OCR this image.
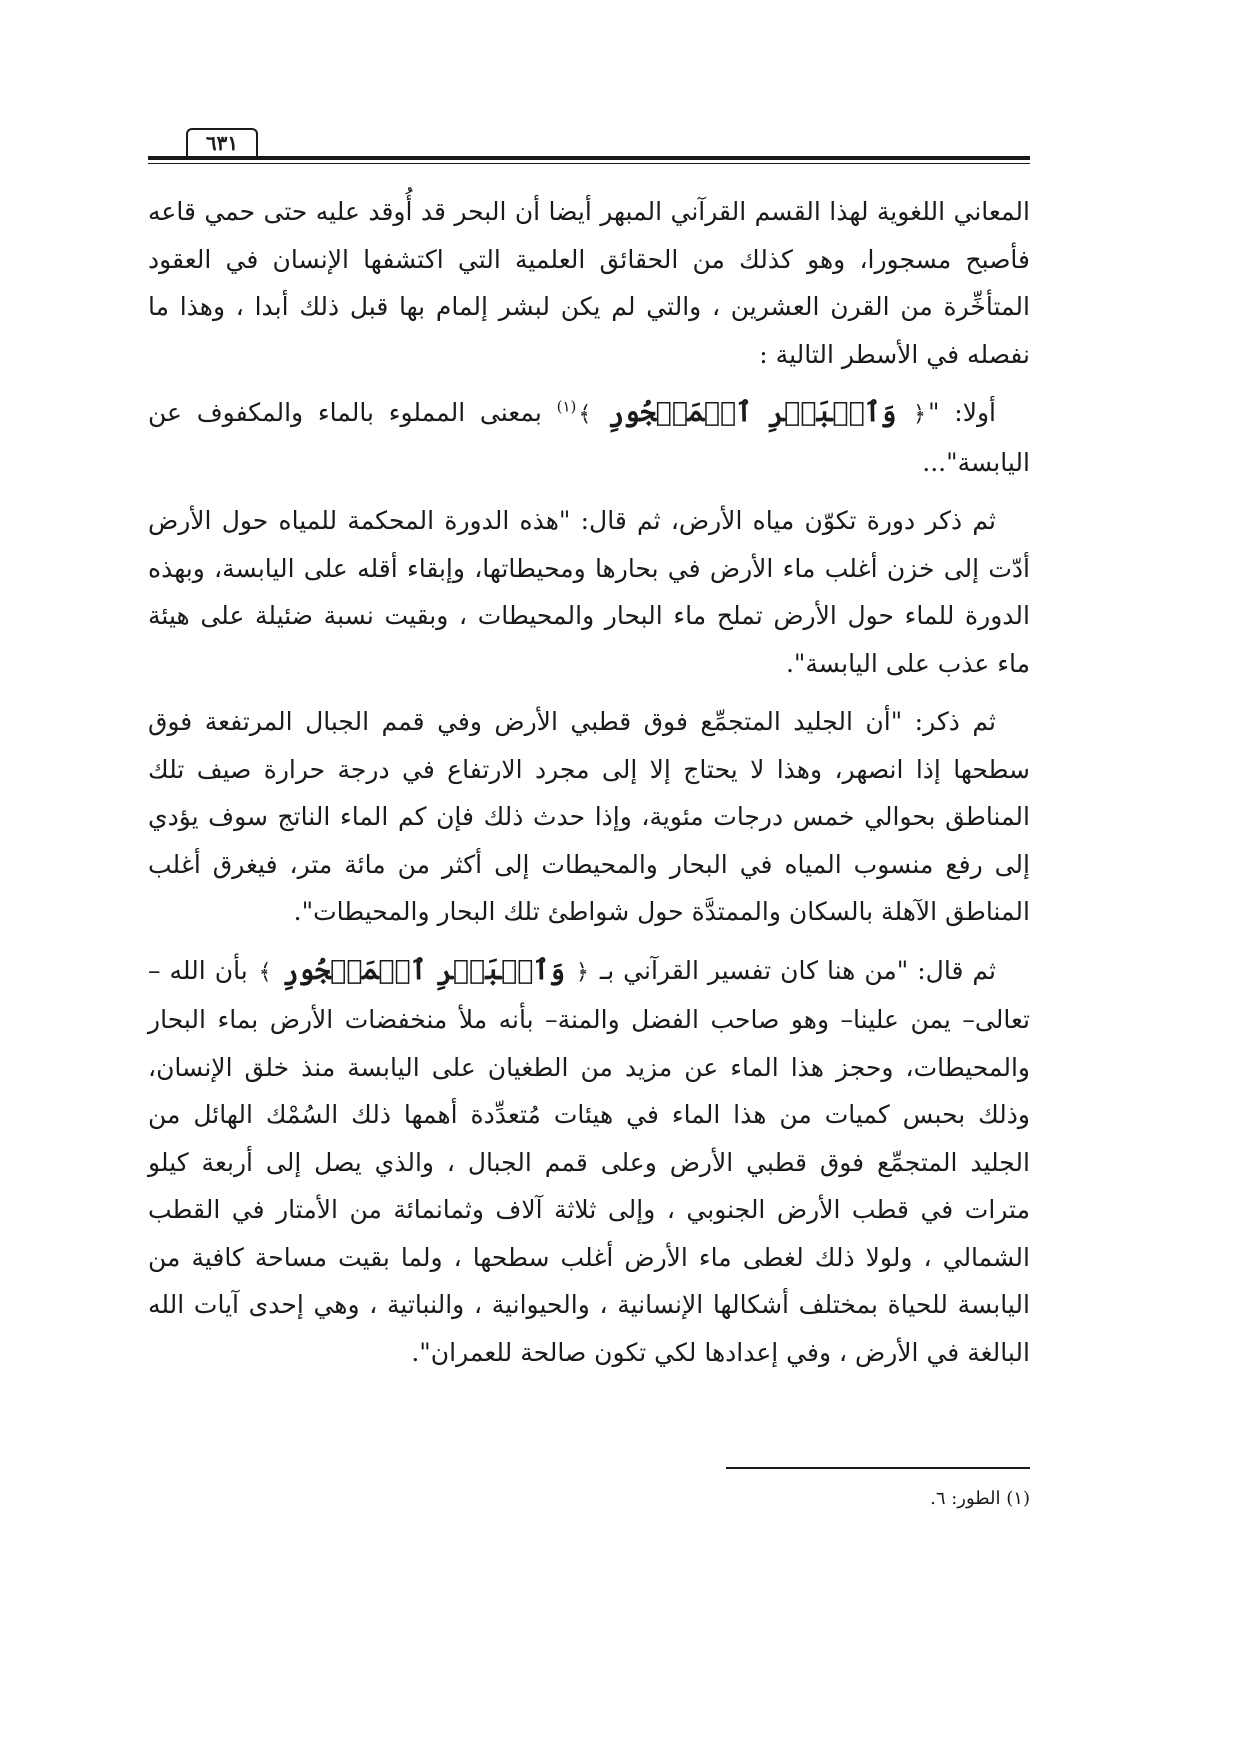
٦٣١

المعاني اللغوية لهذا القسم القرآني المبهر أيضا أن البحر قد أُوقد عليه حتى حمي قاعه فأصبح مسجورا، وهو كذلك من الحقائق العلمية التي اكتشفها الإنسان في العقود المتأخِّرة من القرن العشرين ، والتي لم يكن لبشر إلمام بها قبل ذلك أبدا ، وهذا ما نفصله في الأسطر التالية :

أولا: "﴿ وَٱلۡبَحۡرِ ٱلۡمَسۡجُورِ ﴾$^{(١)}$ بمعنى المملوء بالماء والمكفوف عن اليابسة"...

ثم ذكر دورة تكوّن مياه الأرض، ثم قال: "هذه الدورة المحكمة للمياه حول الأرض أدّت إلى خزن أغلب ماء الأرض في بحارها ومحيطاتها، وإبقاء أقله على اليابسة، وبهذه الدورة للماء حول الأرض تملح ماء البحار والمحيطات ، وبقيت نسبة ضئيلة على هيئة ماء عذب على اليابسة".

ثم ذكر: "أن الجليد المتجمِّع فوق قطبي الأرض وفي قمم الجبال المرتفعة فوق سطحها إذا انصهر، وهذا لا يحتاج إلا إلى مجرد الارتفاع في درجة حرارة صيف تلك المناطق بحوالي خمس درجات مئوية، وإذا حدث ذلك فإن كم الماء الناتج سوف يؤدي إلى رفع منسوب المياه في البحار والمحيطات إلى أكثر من مائة متر، فيغرق أغلب المناطق الآهلة بالسكان والممتدَّة حول شواطئ تلك البحار والمحيطات".

ثم قال: "من هنا كان تفسير القرآني بـ ﴿ وَٱلۡبَحۡرِ ٱلۡمَسۡجُورِ ﴾ بأن الله –تعالى– يمن علينا– وهو صاحب الفضل والمنة– بأنه ملأ منخفضات الأرض بماء البحار والمحيطات، وحجز هذا الماء عن مزيد من الطغيان على اليابسة منذ خلق الإنسان، وذلك بحبس كميات من هذا الماء في هيئات مُتعدِّدة أهمها ذلك السُمْك الهائل من الجليد المتجمِّع فوق قطبي الأرض وعلى قمم الجبال ، والذي يصل إلى أربعة كيلو مترات في قطب الأرض الجنوبي ، وإلى ثلاثة آلاف وثمانمائة من الأمتار في القطب الشمالي ، ولولا ذلك لغطى ماء الأرض أغلب سطحها ، ولما بقيت مساحة كافية من اليابسة للحياة بمختلف أشكالها الإنسانية ، والحيوانية ، والنباتية ، وهي إحدى آيات الله البالغة في الأرض ، وفي إعدادها لكي تكون صالحة للعمران".

(١) الطور: ٦.
